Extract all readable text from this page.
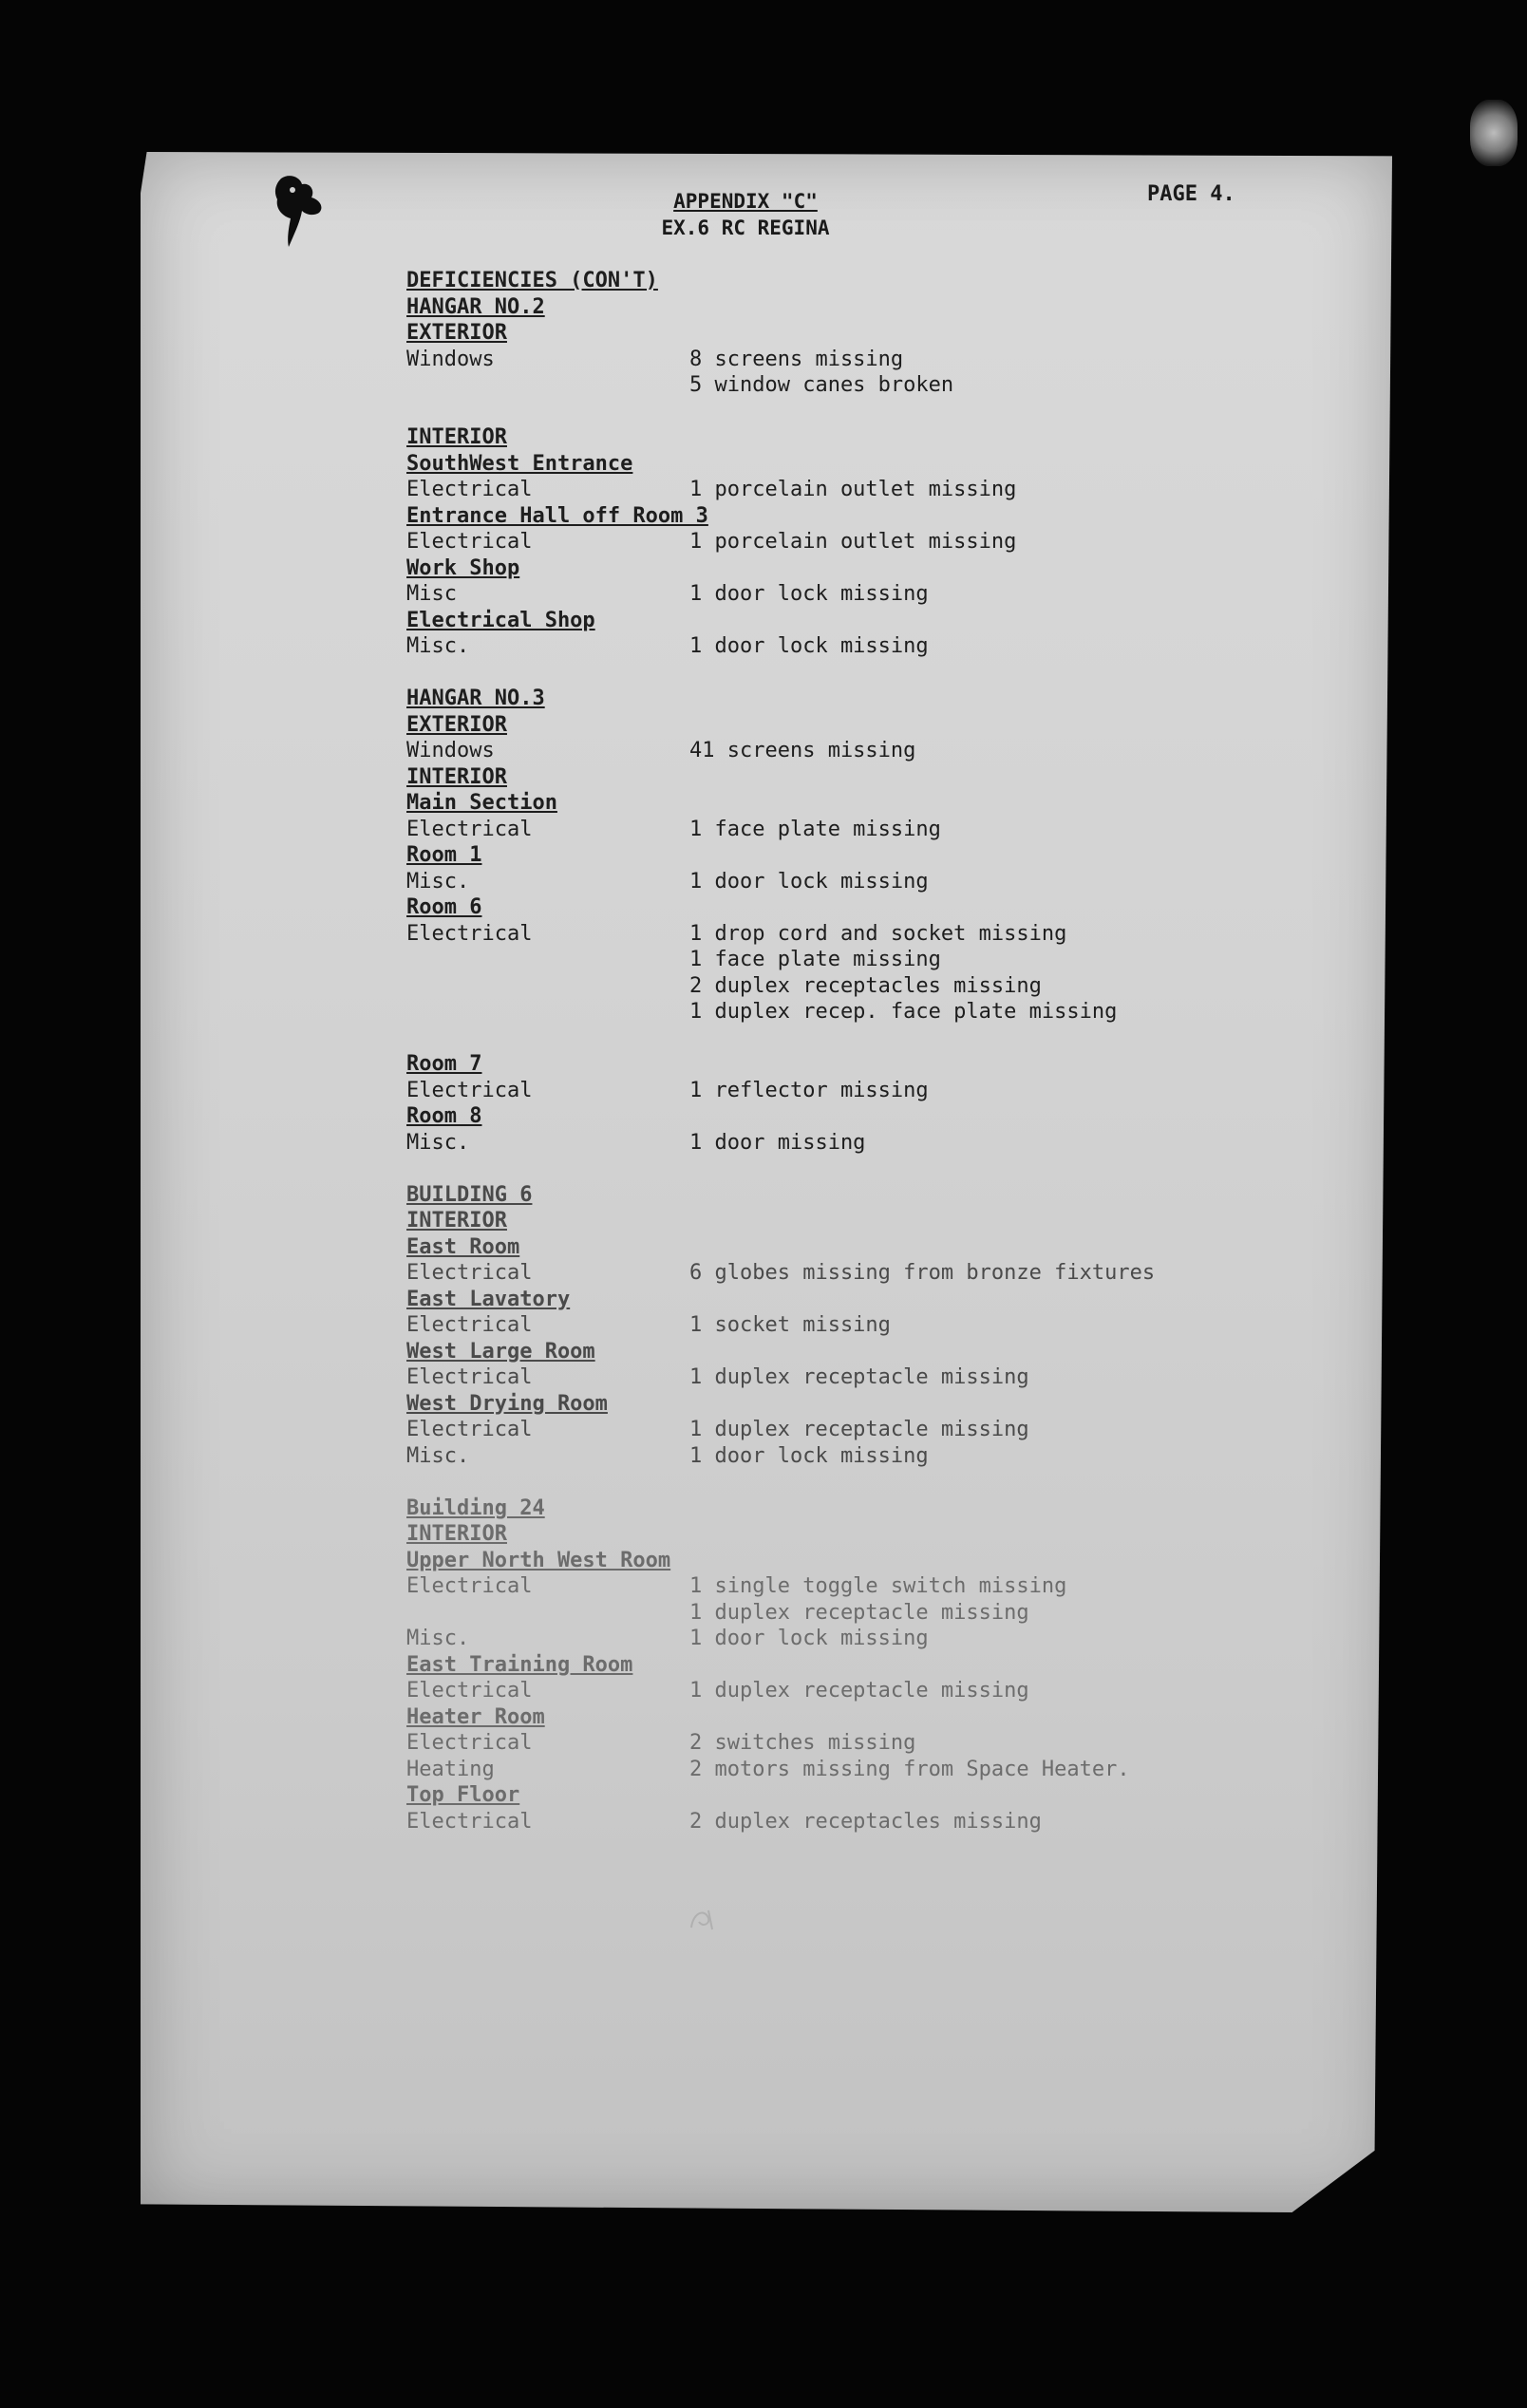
APPENDIX "C"
EX.6 RC REGINA
PAGE 4.
DEFICIENCIES (CON'T)
HANGAR NO.2
EXTERIOR
Windows	8 screens missing
5 window canes broken
INTERIOR
SouthWest Entrance
Electrical	1 porcelain outlet missing
Entrance Hall off Room 3
Electrical	1 porcelain outlet missing
Work Shop
Misc	1 door lock missing
Electrical Shop
Misc.	1 door lock missing
HANGAR NO.3
EXTERIOR
Windows	41 screens missing
INTERIOR
Main Section
Electrical	1 face plate missing
Room 1
Misc.	1 door lock missing
Room 6
Electrical	1 drop cord and socket missing
1 face plate missing
2 duplex receptacles missing
1 duplex recep. face plate missing
Room 7
Electrical	1 reflector missing
Room 8
Misc.	1 door missing
BUILDING 6
INTERIOR
East Room
Electrical	6 globes missing from bronze fixtures
East Lavatory
Electrical	1 socket missing
West Large Room
Electrical	1 duplex receptacle missing
West Drying Room
Electrical	1 duplex receptacle missing
Misc.	1 door lock missing
Building 24
INTERIOR
Upper North West Room
Electrical	1 single toggle switch missing
1 duplex receptacle missing
Misc.	1 door lock missing
East Training Room
Electrical	1 duplex receptacle missing
Heater Room
Electrical	2 switches missing
Heating	2 motors missing from Space Heater.
Top Floor
Electrical	2 duplex receptacles missing
